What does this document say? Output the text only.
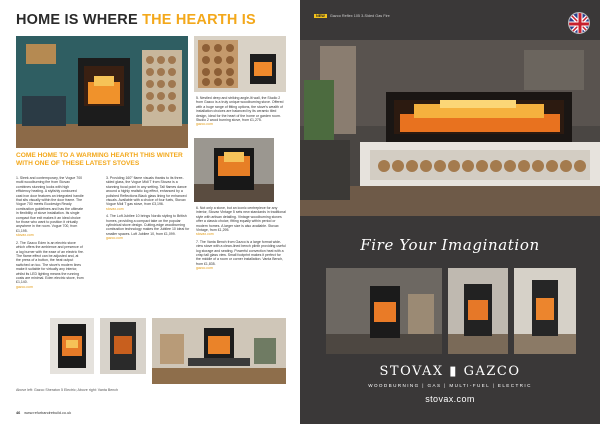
HOME IS WHERE THE HEARTH IS
COME HOME TO A WARMING HEARTH THIS WINTER WITH ONE OF THESE LATEST STOVES

1. Sleek and contemporary, the Vogue 700 multi woodburning fire from Stovax combines stunning looks with high efficiency heating. A stylishly contoured cast iron door features an integrated handle that sits visually within the door frame. The Vogue 700 meets Ecodesign Ready combustion guidelines and has the ultimate in flexibility of stove installation. Its single compact flue exit makes it an ideal choice for those who want to position it virtually anywhere in the room. Vogue 700, from £1,195.
stovax.com

2. The Gazco Eden is an electric stove which offers the ambience and presence of a log burner with the ease of an electric fire. The flame effect can be adjusted and, at the press of a button, the heat output switched on too. The stove's modern lines make it suitable for virtually any interior, whilst its LED lighting means the running costs are minimal. Eden electric stove, from £1,140.
gazco.com

3. Providing 160° flame visuals thanks to its three-sided glass, the Vogue Midi T from Stovax is a stunning focal point in any setting. Tall flames dance around a highly realistic log effect, enhanced by a polished Reflections Black glass lining for enhanced visuals. Available with a choice of four fuels, Stovax Vogue Midi T gas stove, from £3,196.
stovax.com

4. The Loft Jubilee 10 brings Nordic styling to British homes, providing a compact take on the popular cylindrical stove design. Cutting-edge woodburning combustion technology makes the Jubilee 10 ideal for smaller spaces. Loft Jubilee 10, from £1,099.
gazco.com

5. Nestled deep and striking angle-lit wall, the Studio 2 from Gazco is a truly unique woodburning stove. Offered with a huge range of fitting options, the stove's wealth of installation choices are balanced by its ceramic tiled design, ideal for the heart of the home or garden room. Studio 2 wood burning stove, from £1,275.
gazco.com

6. Not only a stove, but an iconic centrepiece for any interior, Stovax Vintage 5 sets new standards in traditional style with artisan detailing. Vintage woodburning stoves offer a classic choice, fitting equally within period or modern homes. A larger size is also available. Stovax Vintage, from £1,295.
stovax.com

7. The Vanta Bench from Gazco is a large format wide-view stove with a clean-lined bench plinth providing useful log storage and seating. Powerful convection heat with a crisp tall glass view. Small footprint makes it perfect for the middle of a room or corner installation. Vanta Bench, from £1,835.
gazco.com

Above left: Gazco Sheraton 5 Electric; Above right: Vanta Bench
46 www.refurbandrebuild.co.uk
NEW Gazco Reflex 105 3-Sided Gas Fire
Fire Your Imagination
STOVAX ▮ GAZCO
WOODBURNING | GAS | MULTI-FUEL | ELECTRIC
stovax.com
